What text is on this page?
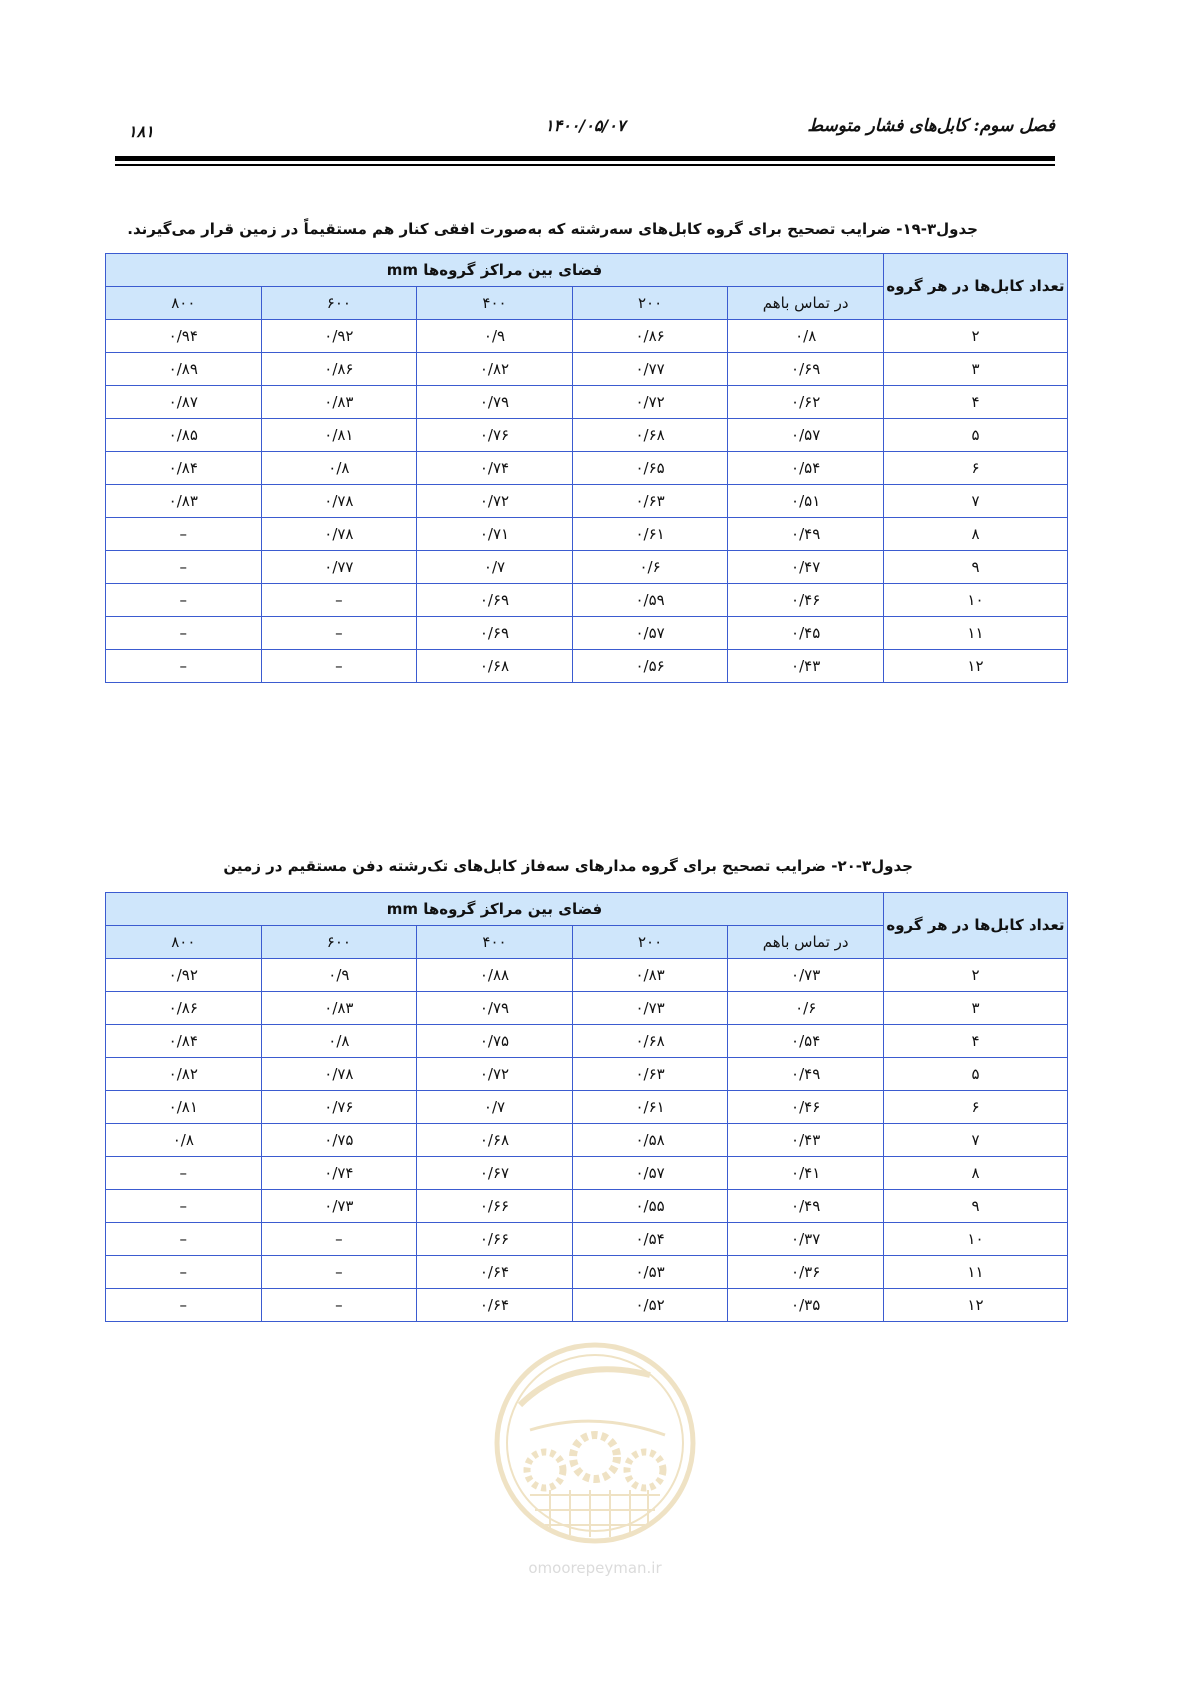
فصل سوم: کابل‌های فشار متوسط
۱۴۰۰/۰۵/۰۷
۱۸۱
جدول۳-۱۹- ضرایب تصحیح برای گروه کابل‌های سه‌رشته که به‌صورت افقی کنار هم مستقیماً در زمین قرار می‌گیرند.
تعداد کابل‌ها در هر گروه	فضای بین مراکز گروه‌ها mm				
	در تماس باهم	۲۰۰	۴۰۰	۶۰۰	۸۰۰
۲	۰/۸	۰/۸۶	۰/۹	۰/۹۲	۰/۹۴
۳	۰/۶۹	۰/۷۷	۰/۸۲	۰/۸۶	۰/۸۹
۴	۰/۶۲	۰/۷۲	۰/۷۹	۰/۸۳	۰/۸۷
۵	۰/۵۷	۰/۶۸	۰/۷۶	۰/۸۱	۰/۸۵
۶	۰/۵۴	۰/۶۵	۰/۷۴	۰/۸	۰/۸۴
۷	۰/۵۱	۰/۶۳	۰/۷۲	۰/۷۸	۰/۸۳
۸	۰/۴۹	۰/۶۱	۰/۷۱	۰/۷۸	–
۹	۰/۴۷	۰/۶	۰/۷	۰/۷۷	–
۱۰	۰/۴۶	۰/۵۹	۰/۶۹	–	–
۱۱	۰/۴۵	۰/۵۷	۰/۶۹	–	–
۱۲	۰/۴۳	۰/۵۶	۰/۶۸	–	–
جدول۳-۲۰- ضرایب تصحیح برای گروه مدارهای سه‌فاز کابل‌های تک‌رشته دفن مستقیم در زمین
تعداد کابل‌ها در هر گروه	فضای بین مراکز گروه‌ها mm				
	در تماس باهم	۲۰۰	۴۰۰	۶۰۰	۸۰۰
۲	۰/۷۳	۰/۸۳	۰/۸۸	۰/۹	۰/۹۲
۳	۰/۶	۰/۷۳	۰/۷۹	۰/۸۳	۰/۸۶
۴	۰/۵۴	۰/۶۸	۰/۷۵	۰/۸	۰/۸۴
۵	۰/۴۹	۰/۶۳	۰/۷۲	۰/۷۸	۰/۸۲
۶	۰/۴۶	۰/۶۱	۰/۷	۰/۷۶	۰/۸۱
۷	۰/۴۳	۰/۵۸	۰/۶۸	۰/۷۵	۰/۸
۸	۰/۴۱	۰/۵۷	۰/۶۷	۰/۷۴	–
۹	۰/۴۹	۰/۵۵	۰/۶۶	۰/۷۳	–
۱۰	۰/۳۷	۰/۵۴	۰/۶۶	–	–
۱۱	۰/۳۶	۰/۵۳	۰/۶۴	–	–
۱۲	۰/۳۵	۰/۵۲	۰/۶۴	–	–
omoorepeyman.ir
